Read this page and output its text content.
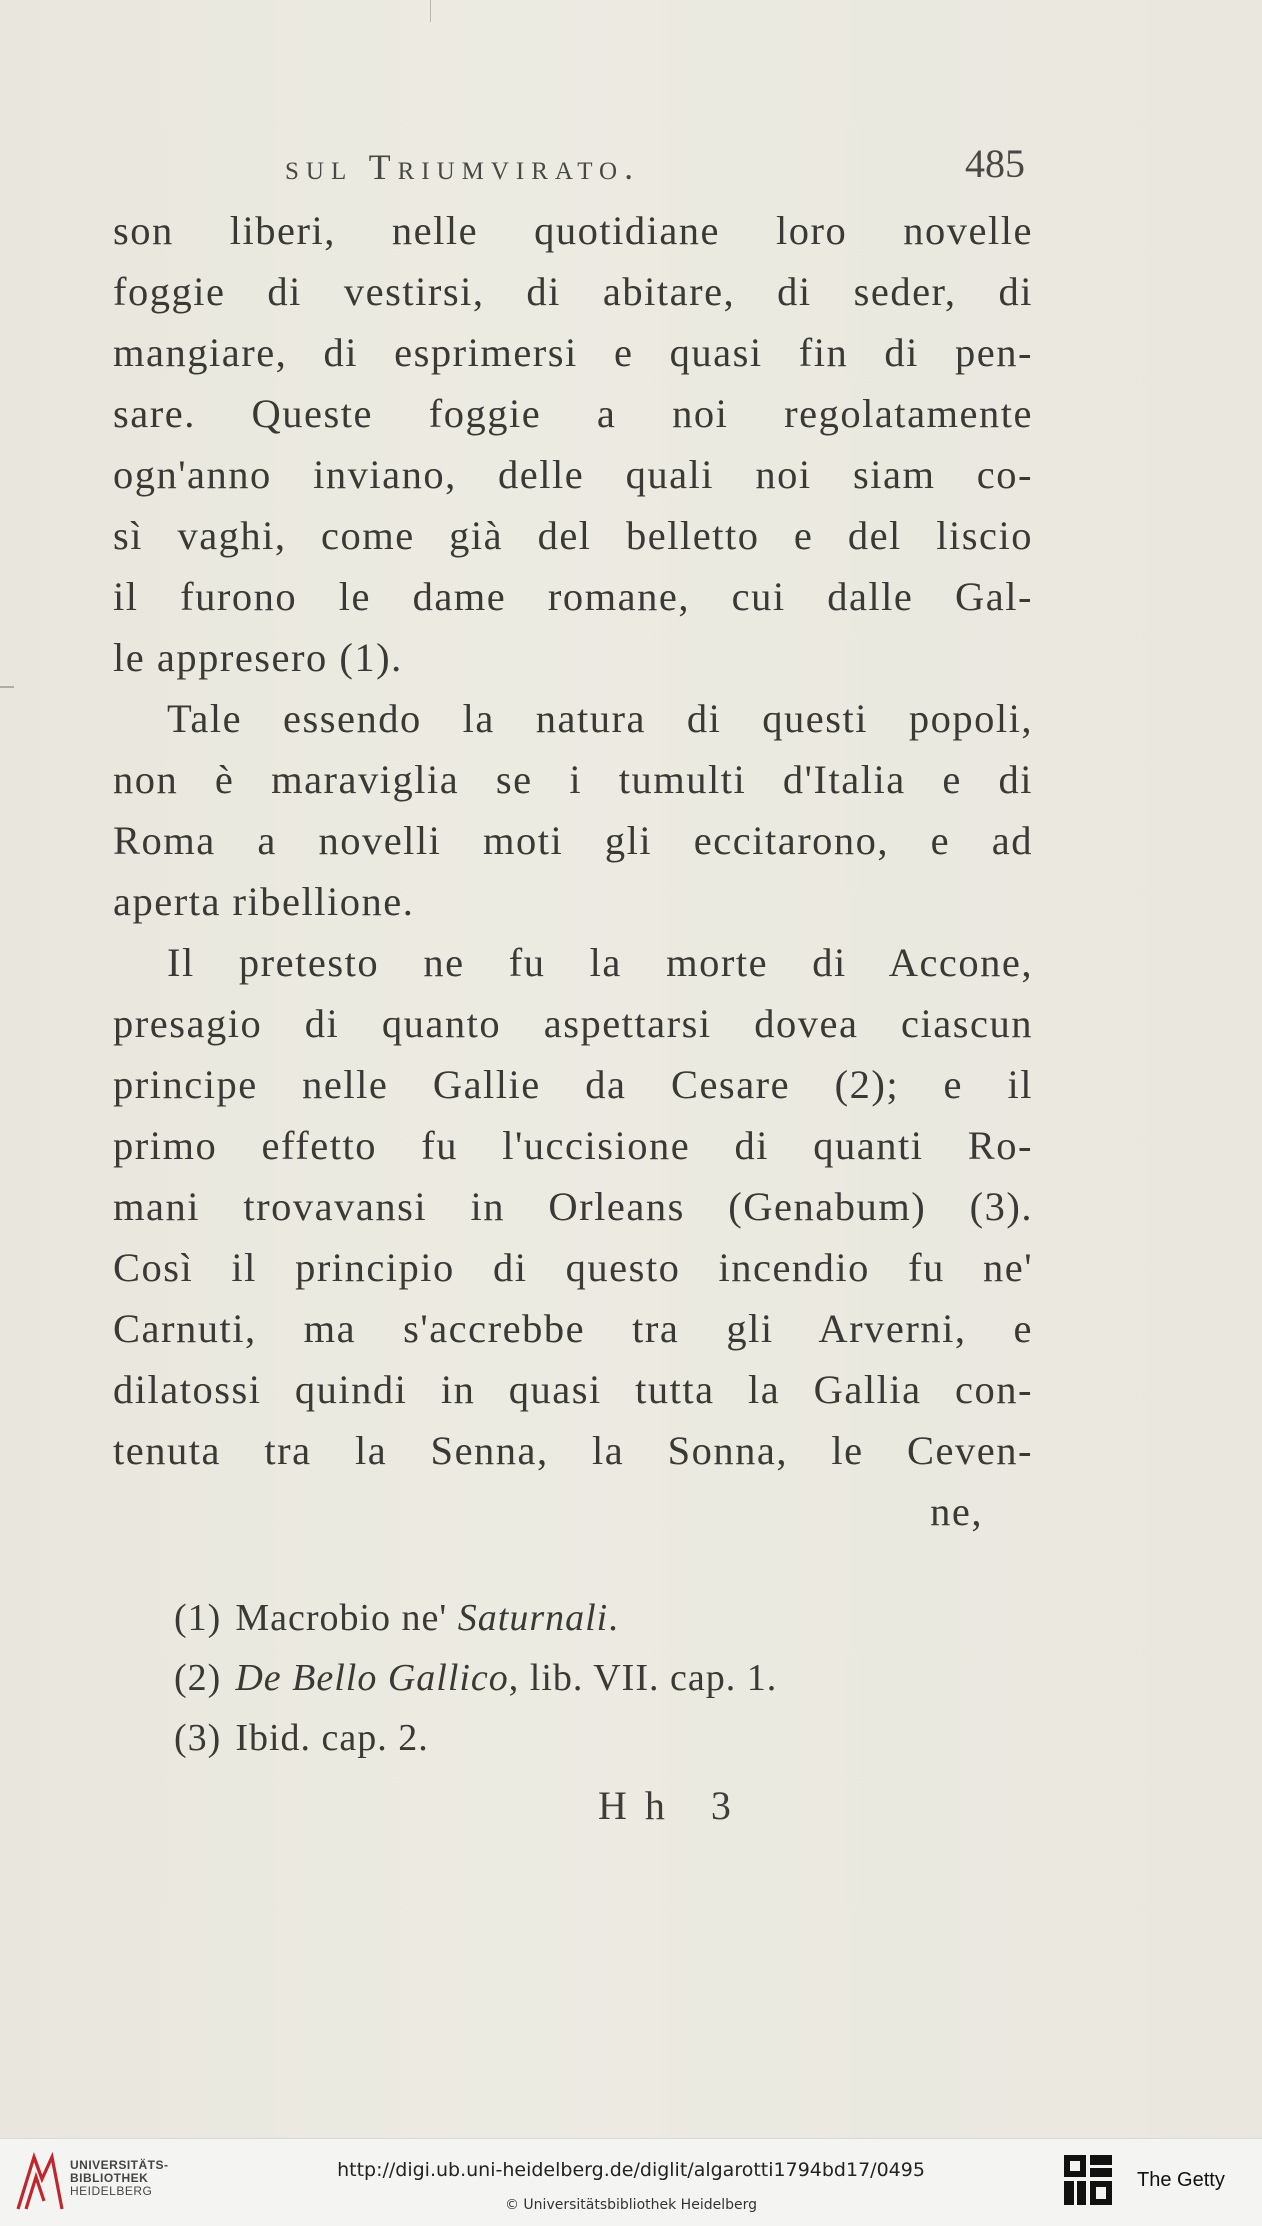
sul Triumvirato.	485
son liberi, nelle quotidiane loro novelle
foggie di vestirsi, di abitare, di seder, di
mangiare, di esprimersi e quasi fin di pen-
sare. Queste foggie a noi regolatamente
ogn'anno inviano, delle quali noi siam co-
sì vaghi, come già del belletto e del liscio
il furono le dame romane, cui dalle Gal-
le appresero (1).
Tale essendo la natura di questi popoli,
non è maraviglia se i tumulti d'Italia e di
Roma a novelli moti gli eccitarono, e ad
aperta ribellione.
Il pretesto ne fu la morte di Accone,
presagio di quanto aspettarsi dovea ciascun
principe nelle Gallie da Cesare (2); e il
primo effetto fu l'uccisione di quanti Ro-
mani trovavansi in Orleans (Genabum) (3).
Così il principio di questo incendio fu ne'
Carnuti, ma s'accrebbe tra gli Arverni, e
dilatossi quindi in quasi tutta la Gallia con-
tenuta tra la Senna, la Sonna, le Ceven-
ne,
(1) Macrobio ne' Saturnali.
(2) De Bello Gallico, lib. VII. cap. 1.
(3) Ibid. cap. 2.
Hh 3
UNIVERSITÄTS-
BIBLIOTHEK
HEIDELBERG
http://digi.ub.uni-heidelberg.de/diglit/algarotti1794bd17/0495
© Universitätsbibliothek Heidelberg
The Getty
